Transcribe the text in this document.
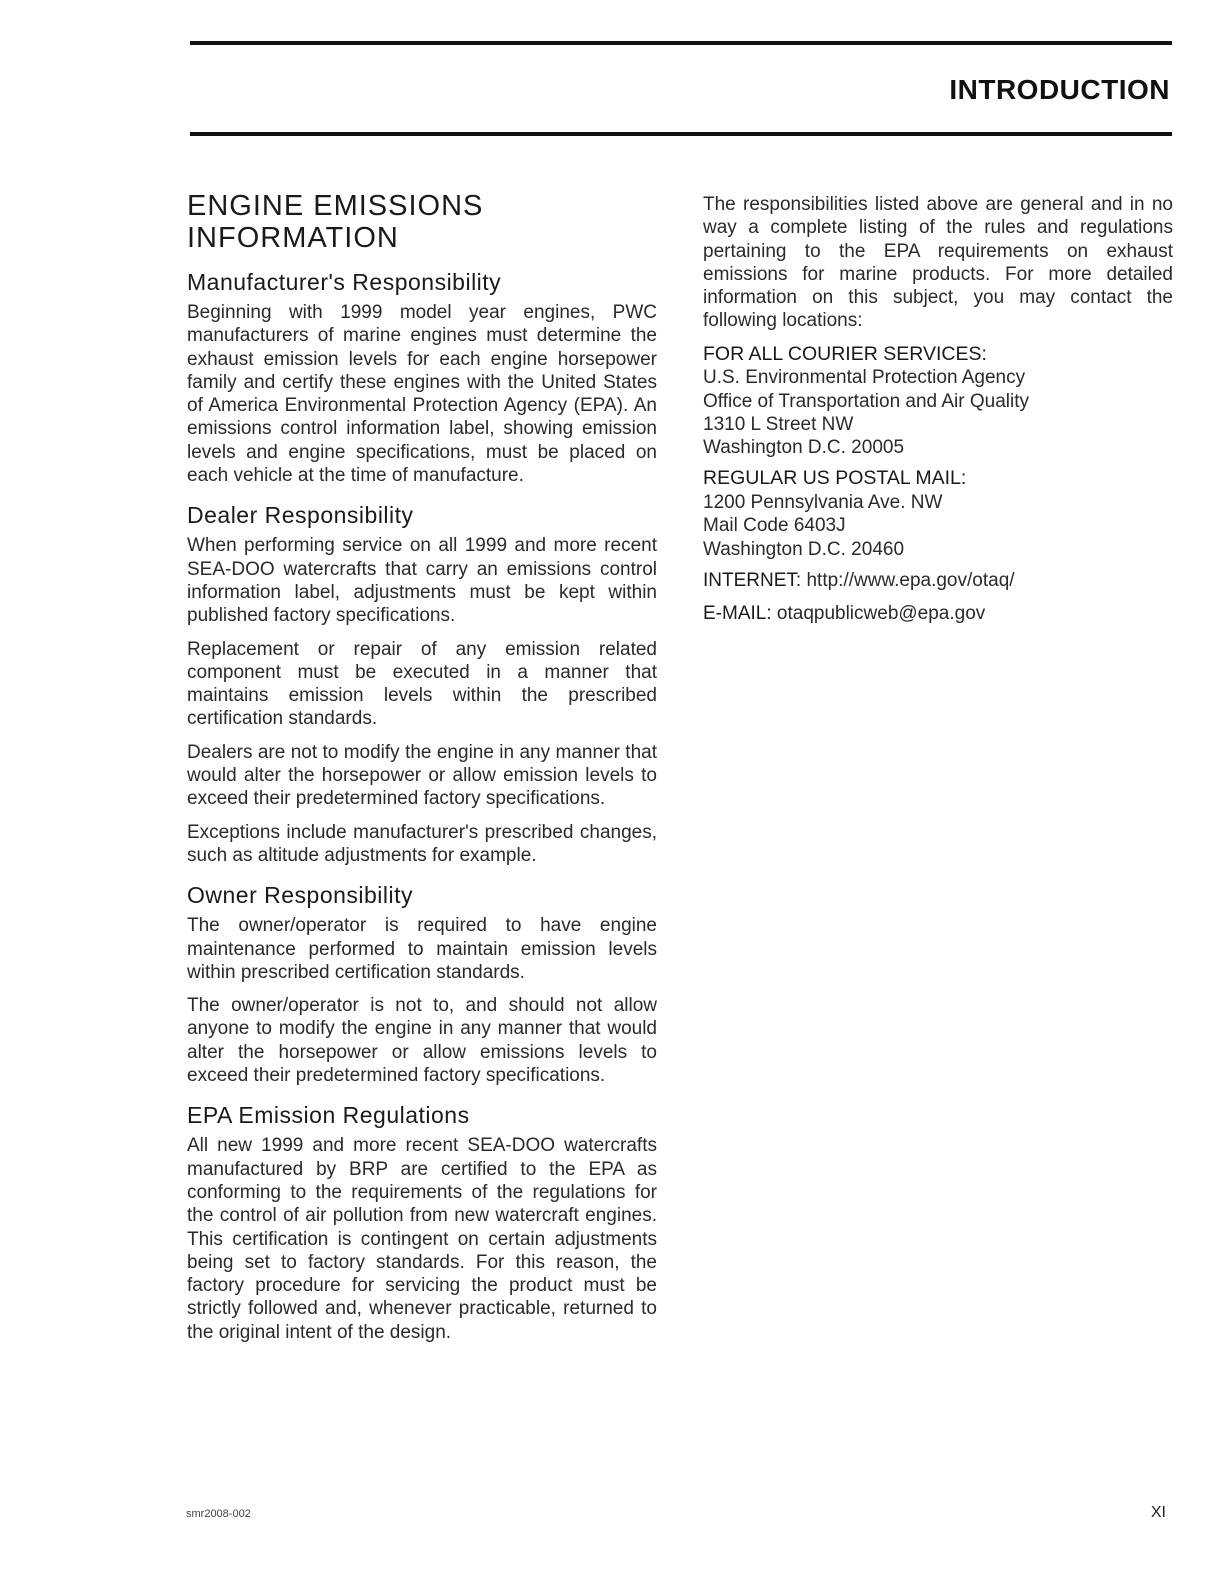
INTRODUCTION
ENGINE EMISSIONS
INFORMATION
Manufacturer's Responsibility

Beginning with 1999 model year engines, PWC manufacturers of marine engines must determine the exhaust emission levels for each engine horsepower family and certify these engines with the United States of America Environmental Protection Agency (EPA). An emissions control information label, showing emission levels and engine specifications, must be placed on each vehicle at the time of manufacture.

Dealer Responsibility

When performing service on all 1999 and more recent SEA-DOO watercrafts that carry an emissions control information label, adjustments must be kept within published factory specifications.

Replacement or repair of any emission related component must be executed in a manner that maintains emission levels within the prescribed certification standards.

Dealers are not to modify the engine in any manner that would alter the horsepower or allow emission levels to exceed their predetermined factory specifications.

Exceptions include manufacturer's prescribed changes, such as altitude adjustments for example.

Owner Responsibility

The owner/operator is required to have engine maintenance performed to maintain emission levels within prescribed certification standards.

The owner/operator is not to, and should not allow anyone to modify the engine in any manner that would alter the horsepower or allow emissions levels to exceed their predetermined factory specifications.

EPA Emission Regulations

All new 1999 and more recent SEA-DOO watercrafts manufactured by BRP are certified to the EPA as conforming to the requirements of the regulations for the control of air pollution from new watercraft engines. This certification is contingent on certain adjustments being set to factory standards. For this reason, the factory procedure for servicing the product must be strictly followed and, whenever practicable, returned to the original intent of the design.

The responsibilities listed above are general and in no way a complete listing of the rules and regulations pertaining to the EPA requirements on exhaust emissions for marine products. For more detailed information on this subject, you may contact the following locations:

FOR ALL COURIER SERVICES:
U.S. Environmental Protection Agency
Office of Transportation and Air Quality
1310 L Street NW
Washington D.C. 20005
REGULAR US POSTAL MAIL:
1200 Pennsylvania Ave. NW
Mail Code 6403J
Washington D.C. 20460
INTERNET: http://www.epa.gov/otaq/
E-MAIL: otaqpublicweb@epa.gov
smr2008-002	XI
